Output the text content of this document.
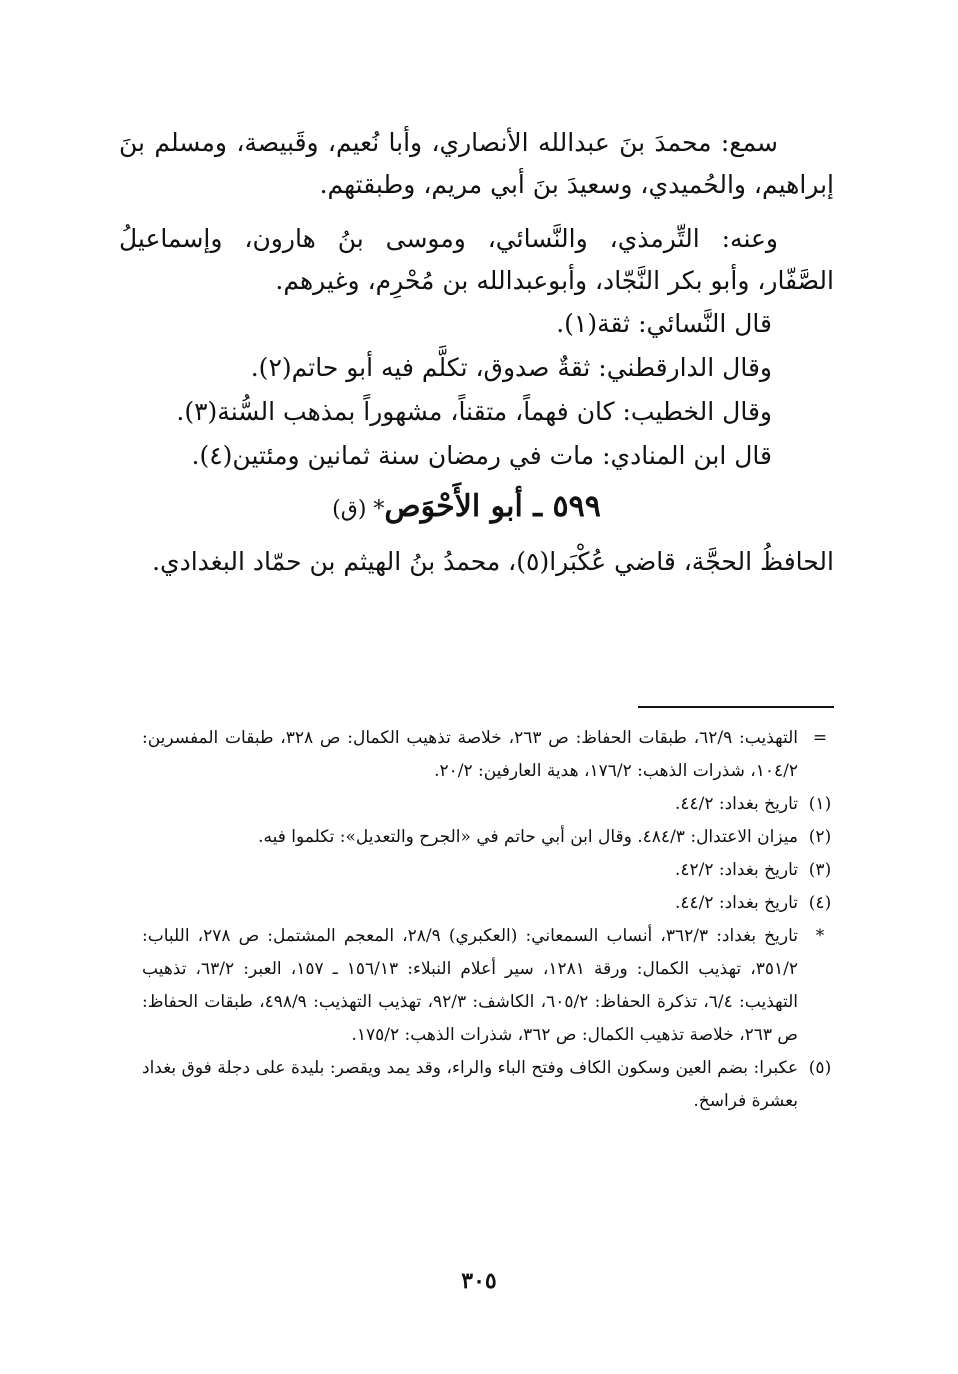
سمع: محمدَ بنَ عبدالله الأنصاري، وأبا نُعيم، وقَبيصة، ومسلم بنَ إبراهيم، والحُميدي، وسعيدَ بنَ أبي مريم، وطبقتهم.

وعنه: التِّرمذي، والنَّسائي، وموسى بنُ هارون، وإسماعيلُ الصَّفّار، وأبو بكر النَّجّاد، وأبوعبدالله بن مُحْرِم، وغيرهم.

قال النَّسائي: ثقة(١).

وقال الدارقطني: ثقةٌ صدوق، تكلَّم فيه أبو حاتم(٢).

وقال الخطيب: كان فهماً، متقناً، مشهوراً بمذهب السُّنة(٣).

قال ابن المنادي: مات في رمضان سنة ثمانين ومئتين(٤).

٥٩٩ ـ أبو الأَحْوَص* (ق)

الحافظُ الحجَّة، قاضي عُكْبَرا(٥)، محمدُ بنُ الهيثم بن حمّاد البغدادي.

=
التهذيب: ٦٢/٩، طبقات الحفاظ: ص ٢٦٣، خلاصة تذهيب الكمال: ص ٣٢٨، طبقات المفسرين: ١٠٤/٢، شذرات الذهب: ١٧٦/٢، هدية العارفين: ٢٠/٢.
(١)
تاريخ بغداد: ٤٤/٢.
(٢)
ميزان الاعتدال: ٤٨٤/٣. وقال ابن أبي حاتم في «الجرح والتعديل»: تكلموا فيه.
(٣)
تاريخ بغداد: ٤٢/٢.
(٤)
تاريخ بغداد: ٤٤/٢.
*
تاريخ بغداد: ٣٦٢/٣، أنساب السمعاني: (العكبري) ٢٨/٩، المعجم المشتمل: ص ٢٧٨، اللباب: ٣٥١/٢، تهذيب الكمال: ورقة ١٢٨١، سير أعلام النبلاء: ١٥٦/١٣ ـ ١٥٧، العبر: ٦٣/٢، تذهيب التهذيب: ٦/٤، تذكرة الحفاظ: ٦٠٥/٢، الكاشف: ٩٢/٣، تهذيب التهذيب: ٤٩٨/٩، طبقات الحفاظ: ص ٢٦٣، خلاصة تذهيب الكمال: ص ٣٦٢، شذرات الذهب: ١٧٥/٢.
(٥)
عكبرا: بضم العين وسكون الكاف وفتح الباء والراء، وقد يمد ويقصر: بليدة على دجلة فوق بغداد بعشرة فراسخ.
٣٠٥
